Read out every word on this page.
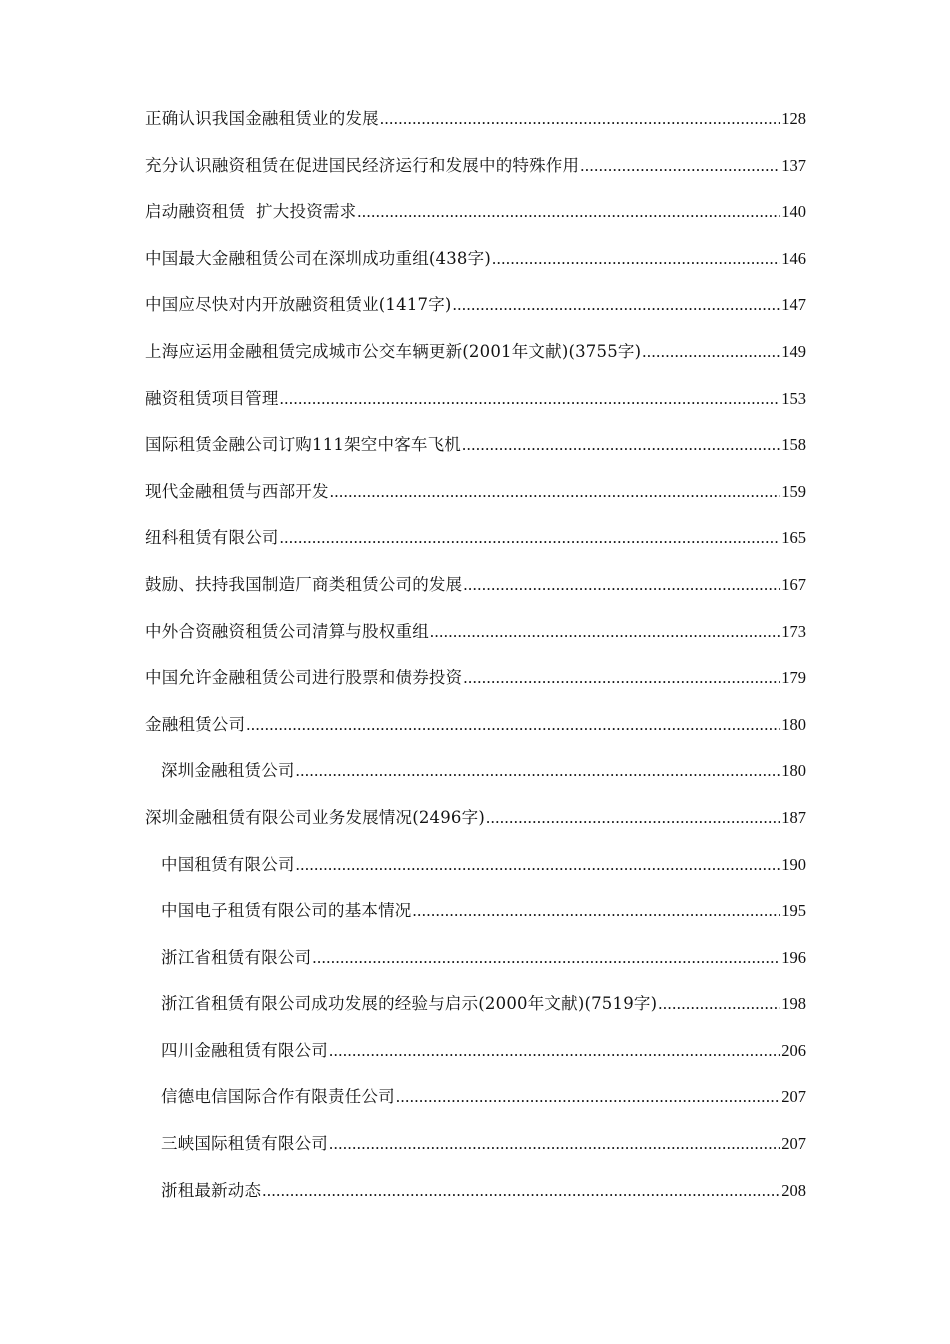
正确认识我国金融租赁业的发展 .....	128
充分认识融资租赁在促进国民经济运行和发展中的特殊作用 .....	137
启动融资租赁  扩大投资需求 .....	140
中国最大金融租赁公司在深圳成功重组(438字) .....	146
中国应尽快对内开放融资租赁业(1417字) .....	147
上海应运用金融租赁完成城市公交车辆更新(2001年文献)(3755字) .....	149
融资租赁项目管理 .....	153
国际租赁金融公司订购111架空中客车飞机 .....	158
现代金融租赁与西部开发 .....	159
纽科租赁有限公司 .....	165
鼓励、扶持我国制造厂商类租赁公司的发展 .....	167
中外合资融资租赁公司清算与股权重组 .....	173
中国允许金融租赁公司进行股票和债券投资 .....	179
金融租赁公司 .....	180
深圳金融租赁公司 .....	180
深圳金融租赁有限公司业务发展情况(2496字) .....	187
中国租赁有限公司 .....	190
中国电子租赁有限公司的基本情况 .....	195
浙江省租赁有限公司 .....	196
浙江省租赁有限公司成功发展的经验与启示(2000年文献)(7519字) .....	198
四川金融租赁有限公司 .....	206
信德电信国际合作有限责任公司 .....	207
三峡国际租赁有限公司 .....	207
浙租最新动态 .....	208
